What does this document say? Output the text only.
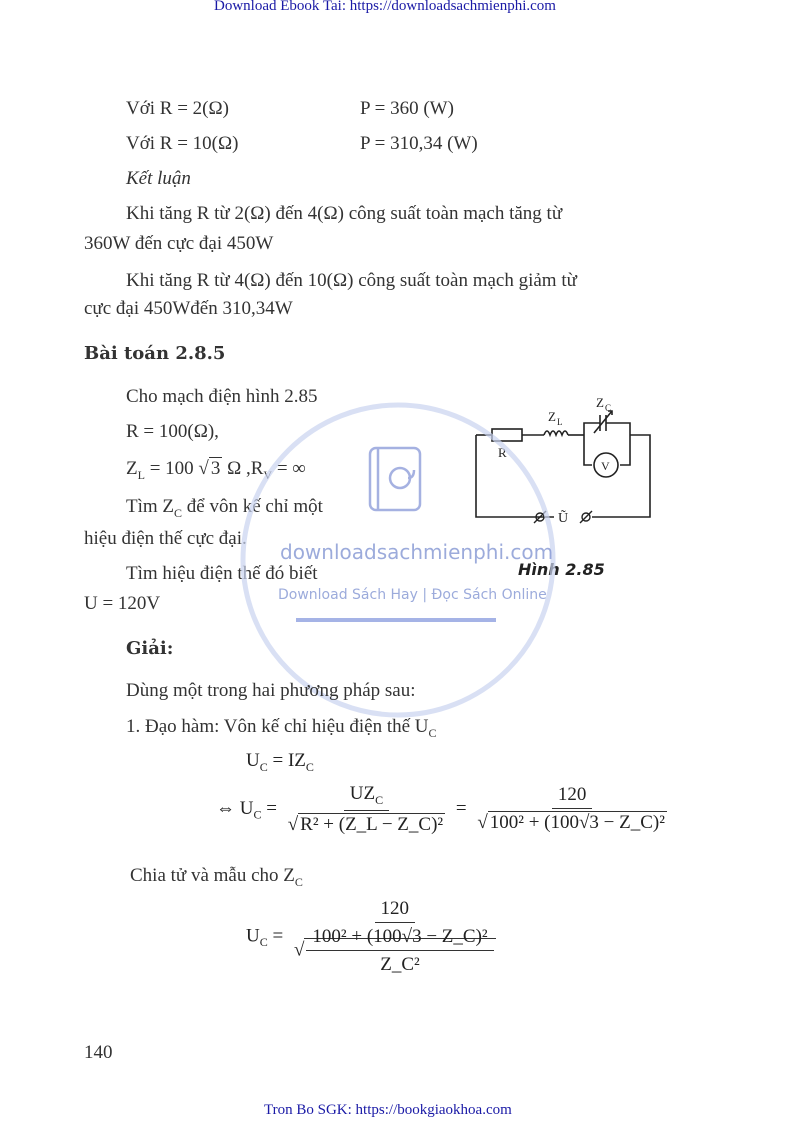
Download Ebook Tai: https://downloadsachmienphi.com
Với R = 2(Ω)	P = 360 (W)
Với R = 10(Ω)	P = 310,34 (W)
Kết luận
Khi tăng R từ 2(Ω) đến 4(Ω) công suất toàn mạch tăng từ
360W đến cực đại 450W
Khi tăng R từ 4(Ω) đến 10(Ω) công suất toàn mạch giảm từ
cực đại 450Wđến 310,34W
Bài toán 2.8.5
Cho mạch điện hình 2.85
R = 100(Ω),
$Z_L = 100$ √ 3 Ω $,R_V$ = ∞
Tìm $Z_C$ để vôn kế chỉ một
hiệu điện thế cực đại.
Tìm hiệu điện thế đó biết
U = 120V
R
Z L
Z C
V
Ũ
Hình 2.85
downloadsachmienphi.com
Download Sách Hay | Đọc Sách Online
Giải:
Dùng một trong hai phương pháp sau:
1. Đạo hàm: Vôn kế chỉ hiệu điện thế $U_C$
$U_C = IZ_C$
⇔ $U_C = \frac{UZ_C}{\text{√ R² + (Z\_L − Z\_C)²}} = \frac{120}{\text{√ 100² + (100√3 − Z\_C)²}}$
Chia tử và mẫu cho $Z_C$
$U_C = \frac{120}{√ \frac{\text{100² + (100√3 − Z\_C)²}}{\text{Z\_C²}}}$
140
Tron Bo SGK: https://bookgiaokhoa.com
